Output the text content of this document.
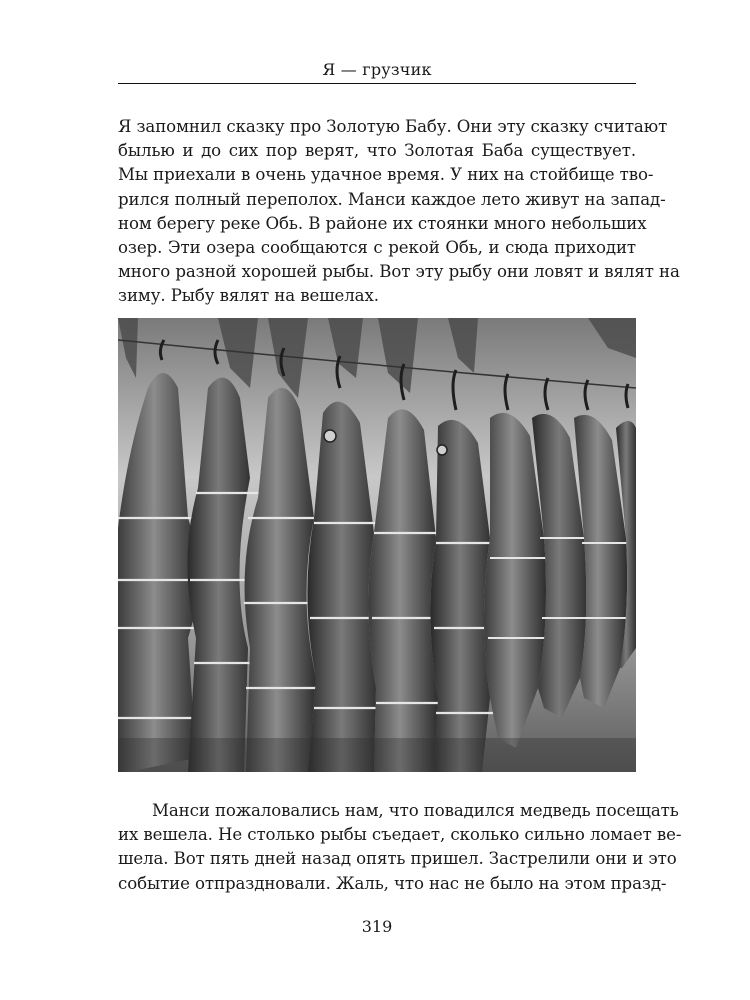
Я — грузчик

Я запомнил сказку про Золотую Бабу. Они эту сказку считают
былью и до сих пор верят, что Золотая Баба существует.
Мы приехали в очень удачное время. У них на стойбище тво-
рился полный переполох. Манси каждое лето живут на запад-
ном берегу реке Обь. В районе их стоянки много небольших
озер. Эти озера сообщаются с рекой Обь, и сюда приходит
много разной хорошей рыбы. Вот эту рыбу они ловят и вялят на
зиму. Рыбу вялят на вешелах.

Манси пожаловались нам, что повадился медведь посещать
их вешела. Не столько рыбы съедает, сколько сильно ломает ве-
шела. Вот пять дней назад опять пришел. Застрелили они и это
событие отпраздновали. Жаль, что нас не было на этом празд-

319
